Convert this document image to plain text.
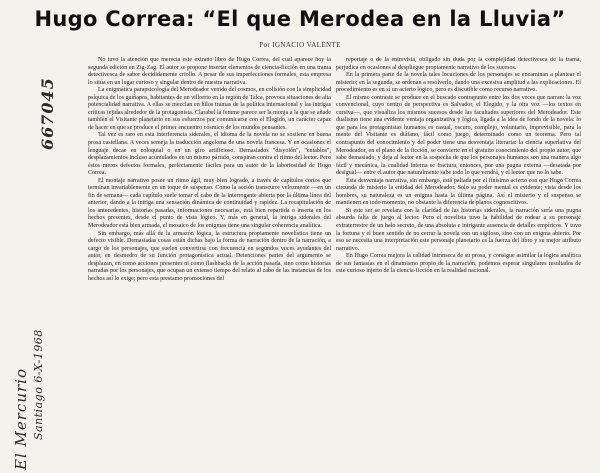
Hugo Correa: “El que Merodea en la Lluvia”
Por IGNACIO VALENTE
El Mercurio Santiago 6-X-1968
667045

No tuvo la atención que merecía este extraño libro de Hugo Correa, del cual aparece hoy la segunda edición en Zig-Zag. El autor se propone insertar elementos de ciencia-ficción en una trama detectivesca de sabor decididamente criollo. A pesar de sus imperfecciones formales, esta empresa lo sitúa en un lugar curioso y singular dentro de nuestra narrativa.

La enigmática parapsicología del Merodeador venido del cosmos, en colisión con la simplicidad psíquica de los guiñapos, habitantes de un villorrio en la región de Talca, provoca situaciones de alta potencialidad narrativa. A ellas se mezclan en hilos tramas de la política internacional y las intrigas críticas tejidas alrededor de la protagonista. Clarabel la femme parece ser la monja a la que se añade también el Visitante planetario en sus esfuerzos por comunicarse con el Elegido, un carácter capaz de hacer en que se produce el primer encuentro cósmico de los mundos pensantes.

Tal vez es raro en esta interferencia siderales, el idioma de la novela no se sostiene en buena prosa castellana. A veces semeja la traducción angeloma de una novela francesa. Y en ocasiones el lenguaje decae en coloquial o en un giro artificioso. Demasiados "disyoión", "entablos", desplazamientos incluso acumulados en un mismo párrafo, conspiran contra el ritmo del lector. Pero éstos meros defectos formales, perfectamente fáciles para un autor de la laboriosidad de Hugo Correa.

El montaje narrativo posee un ritmo ágil, muy bien logrado, a través de capítulos cortos que terminan invariablemente en un toque de suspenso. Como la acción transcurre velozmente —en un fin de semana— cada capítulo suele tomar el cabo de la interrogante abierta por la última línea del anterior, dando a la intriga una sensación dinámica de continuidad y rapidez. La recapitulación de los antecedentes, historias pasadas, informaciones necesarias, está bien repartida o inserta en los hechos presentes, desde el punto de vista lógico. Y, más en general, la intriga siderales del Merodeador está bien armada, el mosaico de los enigmas tiene una singular coherencia analítica.

Sin embargo, más allá de la armazón lógica, la estructura propiamente novelística tiene un defecto visible. Demasiadas cosas están dichas bajo la forma de narración dentro de la narración, a cargo de los personajes, que suelen convertirse con frecuencia en segundos voces ayudantes del autor, en desmedro de su función protagonística actual. Detenciones partes del argumento se desplazan, en como acciones presentes ni como flashbacks de la acción pasada, sino como historias narradas por los personajes, que ocupan un extenso tiempo del relato al cabo de las instancias de los hechos así lo exige; pero esta prestamo promociones del

reportaje o de la entrevista, obligado sin duda por la complejidad detectivesca de la trama, perjudica en ocasiones al despliegue propiamente narrativo de los sucesos.

En la primera parte de la novela tales locuciones de los personajes se encaminan a plantear el misterio; en la segunda, se ordenan a resolverlo, dando una excesiva amplitud a las explicaciones. El procedimiento es en sí un acierto lógico, pero es discutible como recurso narrativo.

El mismo contraste se produce en el buscado contrapunto entre los dos veces que narran: la voz convencional, cuyo centro de perspectiva es Salvador, el Elegido, y la otra voz —los textos en cursiva—, que visualiza los mismos sucesos desde las facultades superiores del Merodeador. Este dualismo tiene una evidente ventaja organizativa y lógica, ligada a la idea de fondo de la novela: lo que para los protagonistas humanos es casual, oscuro, complejo, voluntario, imprevisible, para la mente del Visitante es diáfano, fácil como juego, determinado como un teorema. Pero tal contrapunto del conocimiento y del poder tiene una desventaja literaria: la ciencia superlativa del Merodeador, en el plano de la ficción, se convierte en el gratuito conocimiento del propio autor, que sabe demasiado, y deja al lector en la sospecha de que los personajes humanos son una manera algo fácil y mecánica, la cualidad interna se fractura, entonces, por una pugna externa —desatada por desigual— entre el autor que naturalmente sabe todo lo que vendrá, y el lector que no lo sabe.

Esta desventaja narrativa, sin embargo, está paliada por el finísimo acierto con que Hugo Correa circunda de misterio la entidad del Merodeador. Solo su poder mental es evidente; vista desde los hombres, su naturaleza es un enigma hasta la última página. Así el misterio y el suspenso se mantienen en todo momento, no obstante la diferencia de planos cognoscitivos.

Si este ser se revelara con la claridad de las historias siderales, la narración sería una pugna absurda falta de juego al lector. Pero el novelista tuvo la habilidad de rodear a su personaje extraterrestre de un halo secreto, de una absoluta e intrigante ausencia de detalles empíricos. Y tuvo la fortuna y el buen sentido de no cerrar la novela con un sigiloso, sino con un enigma abierto. Por eso se necesita una interpretación este personaje planetario es la fuerza del libro y su mejor atributo narrativo.

En Hugo Correa mejora la calidad intrínseca de su prosa, y consigue asimilar la lógica analítica de sus fantasías en el dinamismo propio de la narración, podemos esperar singulares resultados de este curioso injerto de la ciencia-ficción en la realidad nacional.
